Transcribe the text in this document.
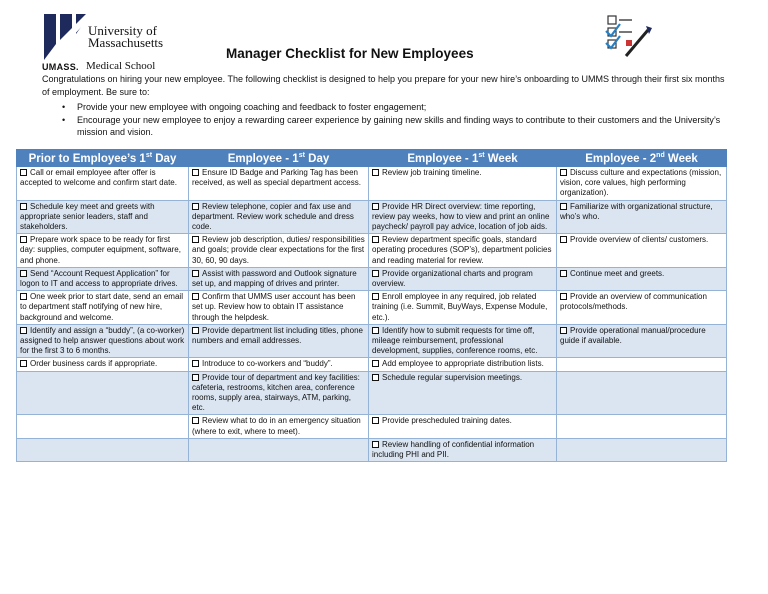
University of
Massachusetts
UMASS. Medical School
Manager Checklist for New Employees
Congratulations on hiring your new employee. The following checklist is designed to help you prepare for your new hire’s onboarding to UMMS through their first six months of employment. Be sure to:
• Provide your new employee with ongoing coaching and feedback to foster engagement;
• Encourage your new employee to enjoy a rewarding career experience by gaining new skills and finding ways to contribute to their customers and the University’s mission and vision.
Prior to Employee’s 1st Day	Employee - 1st Day	Employee - 1st Week	Employee - 2nd Week
Call or email employee after offer is accepted to welcome and confirm start date.	Ensure ID Badge and Parking Tag has been received, as well as special department access.	Review job training timeline.	Discuss culture and expectations (mission, vision, core values, high performing organization).
Schedule key meet and greets with appropriate senior leaders, staff and stakeholders.	Review telephone, copier and fax use and department. Review work schedule and dress code.	Provide HR Direct overview: time reporting, review pay weeks, how to view and print an online paycheck/ payroll pay advice, location of job aids.	Familiarize with organizational structure, who’s who.
Prepare work space to be ready for first day: supplies, computer equipment, software, and phone.	Review job description, duties/ responsibilities and goals; provide clear expectations for the first 30, 60, 90 days.	Review department specific goals, standard operating procedures (SOP’s), department policies and reading material for review.	Provide overview of clients/ customers.
Send “Account Request Application” for logon to IT and access to appropriate drives.	Assist with password and Outlook signature set up, and mapping of drives and printer.	Provide organizational charts and program overview.	Continue meet and greets.
One week prior to start date, send an email to department staff notifying of new hire, background and welcome.	Confirm that UMMS user account has been set up. Review how to obtain IT assistance through the helpdesk.	Enroll employee in any required, job related training (i.e. Summit, BuyWays, Expense Module, etc.).	Provide an overview of communication protocols/methods.
Identify and assign a “buddy”, (a co-worker) assigned to help answer questions about work for the first 3 to 6 months.	Provide department list including titles, phone numbers and email addresses.	Identify how to submit requests for time off, mileage reimbursement, professional development, supplies, conference rooms, etc.	Provide operational manual/procedure guide if available.
Order business cards if appropriate.	Introduce to co-workers and “buddy”.	Add employee to appropriate distribution lists.	
	Provide tour of department and key facilities: cafeteria, restrooms, kitchen area, conference rooms, supply area, stairways, ATM, parking, etc.	Schedule regular supervision meetings.	
	Review what to do in an emergency situation (where to exit, where to meet).	Provide prescheduled training dates.	
		Review handling of confidential information including PHI and PII.	
